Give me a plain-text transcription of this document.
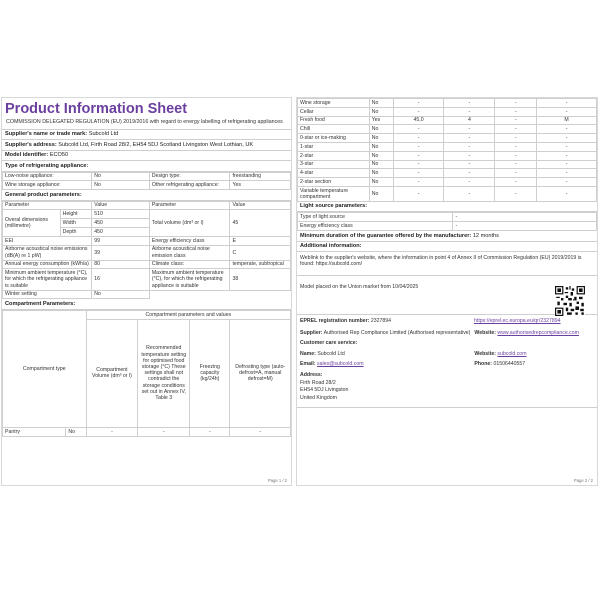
Product Information Sheet
COMMISSION DELEGATED REGULATION (EU) 2019/2016 with regard to energy labelling of refrigerating appliances
Supplier's name or trade mark: Subcold Ltd
Supplier's address: Subcold Ltd, Firth Road 28/2, EH54 5DJ Scotland Livingston West Lothian, UK
Model identifier: ECO50
Type of refrigerating appliance:
Low-noise appliance:	No	Design type:	freestanding
Wine storage appliance:	No	Other refrigerating appliance:	Yes
General product parameters:
Parameter		Value	Parameter	Value
Overal dimensions (millimetre)	Height	510	Total volume (dm³ or l)	45
	Width	450		
	Depth	450		
EEI		99	Energy efficiency class	E
Airborne acoustical noise emissions (dB(A) re 1 pW)		39	Airborne acoustical noise emission class	C
Annual energy consumption (kWh/a)		80	Climate class:	temperate, subtropical
Minimum ambient temperature (°C), for which the refrigerating appliance is suitable		16	Maximum ambient temperature (°C), for which the refrigerating appliance is suitable	38
Winter setting		No		
Compartment Parameters:
Compartment type		Compartment parameters and values			
		Compartment Volume (dm³ or l)	Recommended temperature setting for optimised food storage (°C) These settings shall not contradict the storage conditions set out in Annex IV, Table 3	Freezing capacity (kg/24h)	Defrosting type (auto-defrost=A, manual defrost=M)
Pantry	No	-	-	-	-
Page 1 / 2
Wine storage	No	-	-	-	-
Cellar	No	-	-	-	-
Fresh food	Yes	45,0	4	-	M
Chill	No	-	-	-	-
0-star or ice-making	No	-	-	-	-
1-star	No	-	-	-	-
2-star	No	-	-	-	-
3-star	No	-	-	-	-
4-star	No	-	-	-	-
2-star section	No	-	-	-	-
Variable temperature compartment	No	-	-	-	-
Light source parameters:
Type of light source	-
Energy efficiency class	-
Minimum duration of the guarantee offered by the manufacturer: 12 months
Additional information:
Weblink to the supplier's website, where the information in point 4 of Annex II of Commission Regulation (EU) 2019/2019 is found: https://subcold.com/
Model placed on the Union market from 10/04/2025
EPREL registration number: 2327894	https://eprel.ec.europa.eu/qr/2327894
Supplier: Authorised Rep Compliance Limited (Authorised representative) Website: www.authorisedrepcompliance.com
Customer care service:
Name: Subcold Ltd	Website: subcold.com
Email: sales@subcold.com	Phone: 01506440557
Address:
Firth Road 28/2
EH54 5DJ Livingston
United Kingdom
Page 2 / 2
